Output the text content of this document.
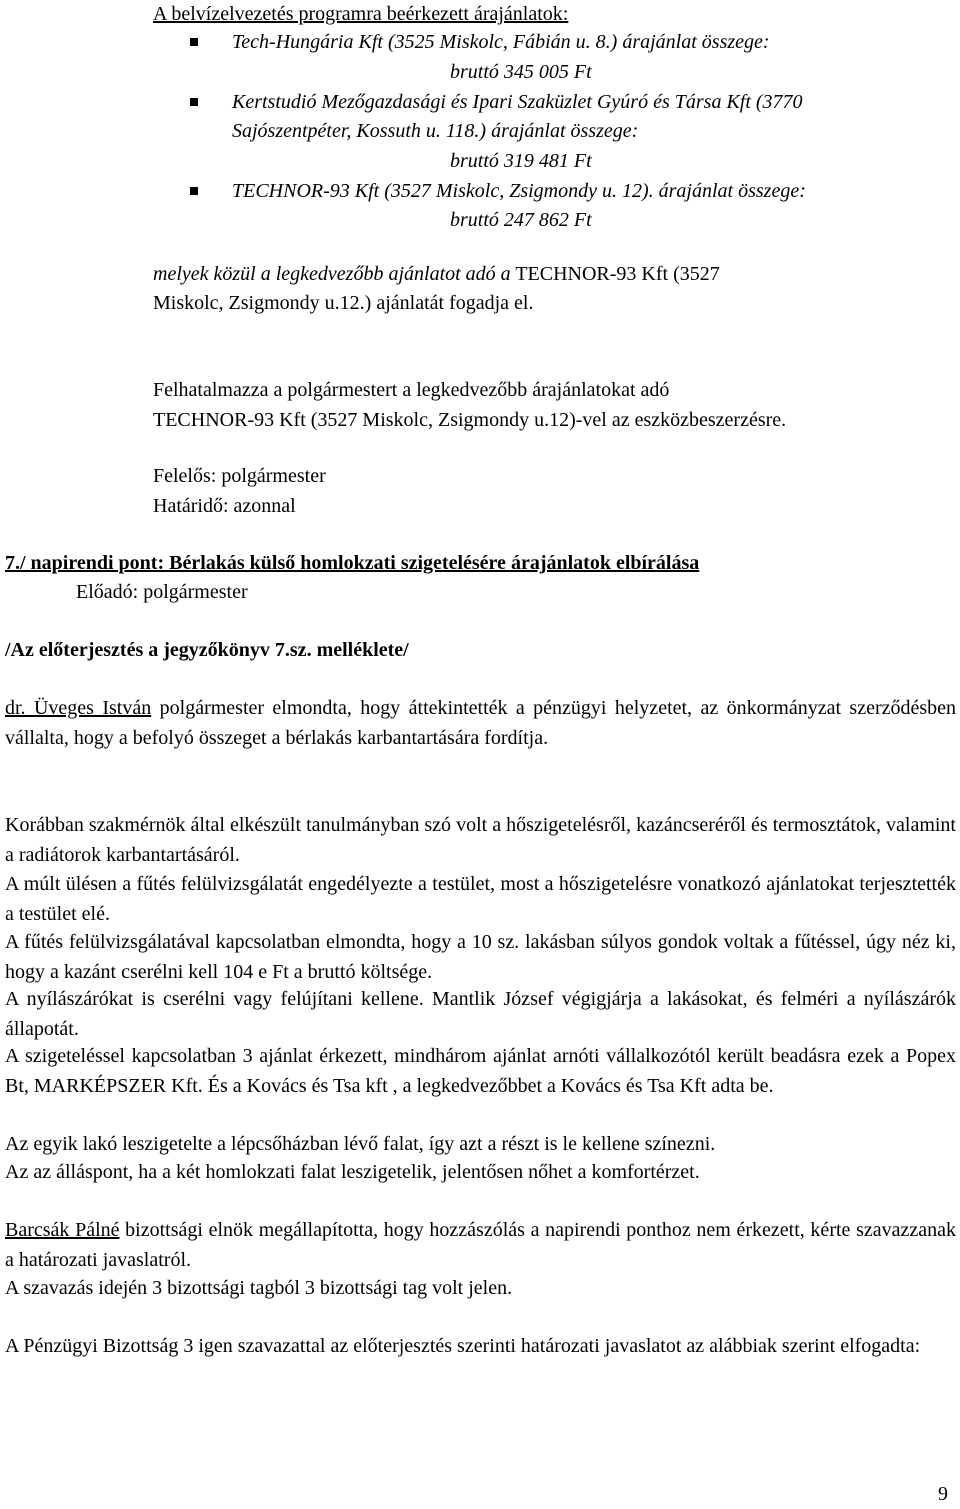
A belvízelvezetés programra beérkezett árajánlatok:
Tech-Hungária Kft (3525 Miskolc, Fábián u. 8.) árajánlat összege:
bruttó 345 005 Ft
Kertstudió Mezőgazdasági és Ipari Szaküzlet Gyúró és Társa Kft (3770
Sajószentpéter, Kossuth u. 118.) árajánlat összege:
bruttó 319 481 Ft
TECHNOR-93 Kft (3527 Miskolc, Zsigmondy u. 12). árajánlat összege:
bruttó 247 862 Ft
melyek közül a legkedvezőbb ajánlatot adó a TECHNOR-93 Kft (3527
Miskolc, Zsigmondy u.12.) ajánlatát fogadja el.
Felhatalmazza a polgármestert a legkedvezőbb árajánlatokat adó
TECHNOR-93 Kft (3527 Miskolc, Zsigmondy u.12)-vel az eszközbeszerzésre.
Felelős: polgármester
Határidő: azonnal
7./ napirendi pont: Bérlakás külső homlokzati szigetelésére árajánlatok elbírálása
Előadó: polgármester
/Az előterjesztés a jegyzőkönyv 7.sz. melléklete/
dr. Üveges István polgármester elmondta, hogy áttekintették a pénzügyi helyzetet, az önkormányzat szerződésben vállalta, hogy a befolyó összeget a bérlakás karbantartására fordítja.
Korábban szakmérnök által elkészült tanulmányban szó volt a hőszigetelésről, kazáncseréről és termosztátok, valamint a radiátorok karbantartásáról.
A múlt ülésen a fűtés felülvizsgálatát engedélyezte a testület, most a hőszigetelésre vonatkozó ajánlatokat terjesztették a testület elé.
A fűtés felülvizsgálatával kapcsolatban elmondta, hogy a 10 sz. lakásban súlyos gondok voltak a fűtéssel, úgy néz ki, hogy a kazánt cserélni kell 104 e Ft a bruttó költsége.
A nyílászárókat is cserélni vagy felújítani kellene. Mantlik József végigjárja a lakásokat, és felméri a nyílászárók állapotát.
A szigeteléssel kapcsolatban 3 ajánlat érkezett, mindhárom ajánlat arnóti vállalkozótól került beadásra ezek a Popex Bt, MARKÉPSZER Kft. És a Kovács és Tsa kft , a legkedvezőbbet a Kovács és Tsa Kft adta be.
Az egyik lakó leszigetelte a lépcsőházban lévő falat, így azt a részt is le kellene színezni.
Az az álláspont, ha a két homlokzati falat leszigetelik, jelentősen nőhet a komfortérzet.
Barcsák Pálné bizottsági elnök megállapította, hogy hozzászólás a napirendi ponthoz nem érkezett, kérte szavazzanak a határozati javaslatról.
A szavazás idején 3 bizottsági tagból 3 bizottsági tag volt jelen.
A Pénzügyi Bizottság 3 igen szavazattal az előterjesztés szerinti határozati javaslatot az alábbiak szerint elfogadta:
9
